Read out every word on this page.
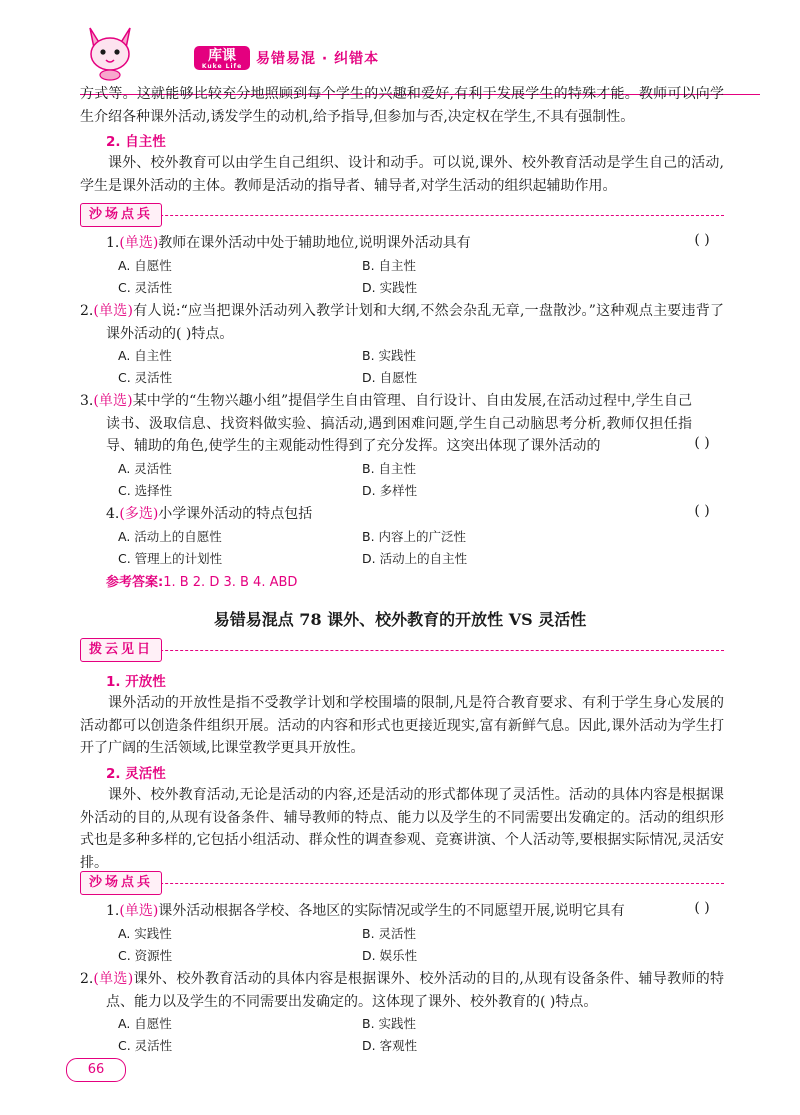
库课
Kuke Life 易错易混 · 纠错本

方式等。这就能够比较充分地照顾到每个学生的兴趣和爱好,有利于发展学生的特殊才能。教师可以向学生介绍各种课外活动,诱发学生的动机,给予指导,但参加与否,决定权在学生,不具有强制性。

2. 自主性

课外、校外教育可以由学生自己组织、设计和动手。可以说,课外、校外教育活动是学生自己的活动,学生是课外活动的主体。教师是活动的指导者、辅导者,对学生活动的组织起辅助作用。

沙场点兵

1.(单选)教师在课外活动中处于辅助地位,说明课外活动具有	( )
A. 自愿性	B. 自主性
C. 灵活性	D. 实践性

2.(单选)有人说:“应当把课外活动列入教学计划和大纲,不然会杂乱无章,一盘散沙。”这种观点主要违背了课外活动的( )特点。

A. 自主性	B. 实践性
C. 灵活性	D. 自愿性

3.(单选)某中学的“生物兴趣小组”提倡学生自由管理、自行设计、自由发展,在活动过程中,学生自己读书、汲取信息、找资料做实验、搞活动,遇到困难问题,学生自己动脑思考分析,教师仅担任指导、辅助的角色,使学生的主观能动性得到了充分发挥。这突出体现了课外活动的	( )
A. 灵活性	B. 自主性
C. 选择性	D. 多样性

4.(多选)小学课外活动的特点包括	( )
A. 活动上的自愿性	B. 内容上的广泛性
C. 管理上的计划性	D. 活动上的自主性
参考答案:1. B 2. D 3. B 4. ABD
易错易混点 78 课外、校外教育的开放性 VS 灵活性
拨云见日

1. 开放性

课外活动的开放性是指不受教学计划和学校围墙的限制,凡是符合教育要求、有利于学生身心发展的活动都可以创造条件组织开展。活动的内容和形式也更接近现实,富有新鲜气息。因此,课外活动为学生打开了广阔的生活领域,比课堂教学更具开放性。

2. 灵活性

课外、校外教育活动,无论是活动的内容,还是活动的形式都体现了灵活性。活动的具体内容是根据课外活动的目的,从现有设备条件、辅导教师的特点、能力以及学生的不同需要出发确定的。活动的组织形式也是多种多样的,它包括小组活动、群众性的调查参观、竞赛讲演、个人活动等,要根据实际情况,灵活安排。

沙场点兵

1.(单选)课外活动根据各学校、各地区的实际情况或学生的不同愿望开展,说明它具有	( )
A. 实践性	B. 灵活性
C. 资源性	D. 娱乐性

2.(单选)课外、校外教育活动的具体内容是根据课外、校外活动的目的,从现有设备条件、辅导教师的特点、能力以及学生的不同需要出发确定的。这体现了课外、校外教育的( )特点。

A. 自愿性	B. 实践性
C. 灵活性	D. 客观性
66
